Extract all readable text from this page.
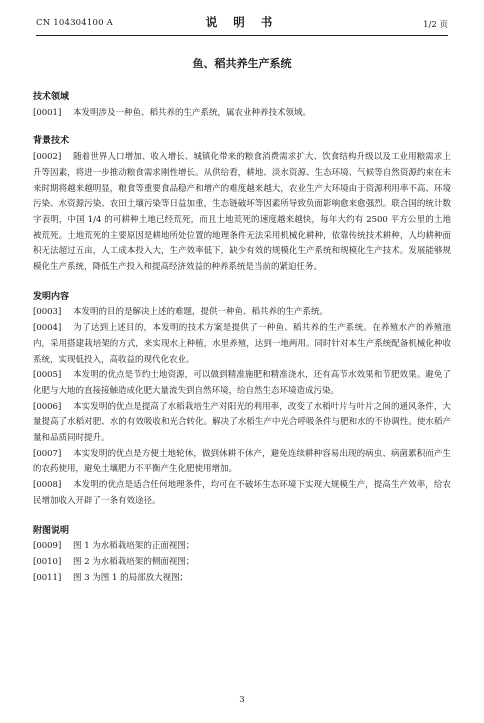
CN 104304100 A	说 明 书	1/2 页
鱼、稻共养生产系统
技术领域

[0001] 本发明涉及一种鱼、稻共养的生产系统，属农业种养技术领域。

背景技术

[0002] 随着世界人口增加、收入增长、城镇化带来的粮食消费需求扩大、饮食结构升级以及工业用粮需求上升等因素，将进一步推动粮食需求刚性增长。从供给看，耕地、淡水资源、生态环境、气候等自然资源约束在未来时期将越来越明显，粮食等重要食品稳产和增产的难度越来越大，农业生产大环境由于资源利用率不高、环境污染、水资源污染、农田土壤污染等日益加重，生态链破坏等因素所导致负面影响愈来愈强烈。联合国的统计数字表明，中国 1/4 的可耕种土地已经荒死，而且土地荒死的速度越来越快，每年大约有 2500 平方公里的土地被荒死。土地荒死的主要原因是耕地所处位置的地理条件无法采用机械化耕种，依靠传统技术耕种，人均耕种面积无法超过五亩，人工成本投入大，生产效率低下，缺少有效的规模化生产系统和规模化生产技术。发展能够规模化生产系统，降低生产投入和提高经济效益的种养系统是当前的紧迫任务。

发明内容

[0003] 本发明的目的是解决上述的难题，提供一种鱼、稻共养的生产系统。

[0004] 为了达到上述目的，本发明的技术方案是提供了一种鱼、稻共养的生产系统。在养殖水产的养殖池内，采用搭建栽培架的方式，来实现水上种植，水里养殖，达到一地两用。同时针对本生产系统配备机械化种收系统，实现低投入，高收益的现代化农业。

[0005] 本发明的优点是节约土地资源，可以做到精准施肥和精准浇水，还有高节水效果和节肥效果。避免了化肥与大地的直接接触造成化肥大量流失到自然环境，给自然生态环境造成污染。

[0006] 本实发明的优点是提高了水稻栽培生产对阳光的利用率，改变了水稻叶片与叶片之间的通风条件，大量提高了水稻对肥、水的有效吸收和光合转化。解决了水稻生产中光合呼吸条件与肥和水的不协调性。使水稻产量和品质同时提升。

[0007] 本实发明的优点是方便土地轮休，做到休耕不休产，避免连续耕种容易出现的病虫、病菌累积而产生的农药使用，避免土壤肥力不平衡产生化肥使用增加。

[0008] 本发明的优点是适合任何地理条件，均可在不破坏生态环境下实现大规模生产，提高生产效率，给农民增加收入开辟了一条有效途径。

附图说明

[0009] 图 1 为水稻栽培架的正面视图；

[0010] 图 2 为水稻栽培架的侧面视图；

[0011] 图 3 为图 1 的局部放大视图；

3
